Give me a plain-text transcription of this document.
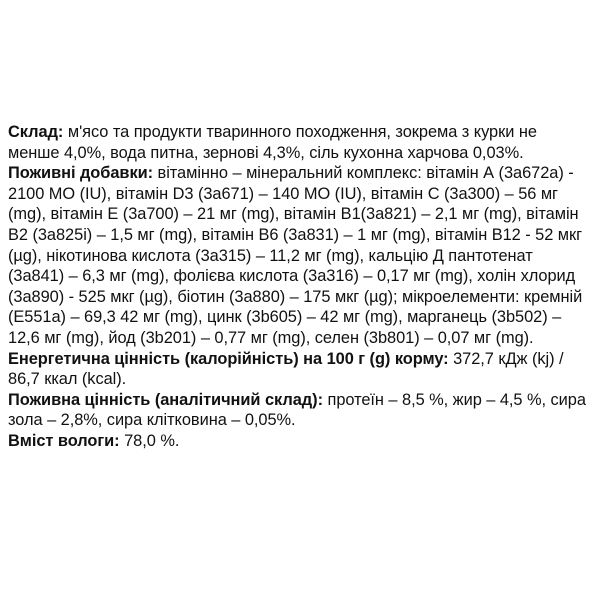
Склад: м'ясо та продукти тваринного походження, зокрема з курки не менше 4,0%, вода питна, зернові 4,3%, сіль кухонна харчова 0,03%.

Поживні добавки: вітамінно – мінеральний комплекс: вітамін А (3а672а) - 2100 МО (IU), вітамін D3 (3а671) – 140 МО (IU), вітамін С (3а300) – 56 мг (mg), вітамін Е (3а700) – 21 мг (mg), вітамін В1(3а821) – 2,1 мг (mg), вітамін В2 (3а825і) – 1,5 мг (mg), вітамін В6 (3а831) – 1 мг (mg), вітамін В12 - 52 мкг (µg), нікотинова кислота (3а315) – 11,2 мг (mg), кальцію Д пантотенат (3а841) – 6,3 мг (mg), фолієва кислота (3а316) – 0,17 мг (mg), холін хлорид (3а890) - 525 мкг (µg), біотин (3а880) – 175 мкг (µg); мікроелементи: кремній (E551а) – 69,3 42 мг (mg), цинк (3b605) – 42 мг (mg), марганець (3b502) – 12,6 мг (mg), йод (3b201) – 0,77 мг (mg), селен (3b801) – 0,07 мг (mg).

Енергетична цінність (калорійність) на 100 г (g) корму: 372,7 кДж (kj) / 86,7 ккал (kcal).

Поживна цінність (аналітичний склад): протеїн – 8,5 %, жир – 4,5 %, сира зола – 2,8%, сира клітковина – 0,05%.

Вміст вологи: 78,0 %.
